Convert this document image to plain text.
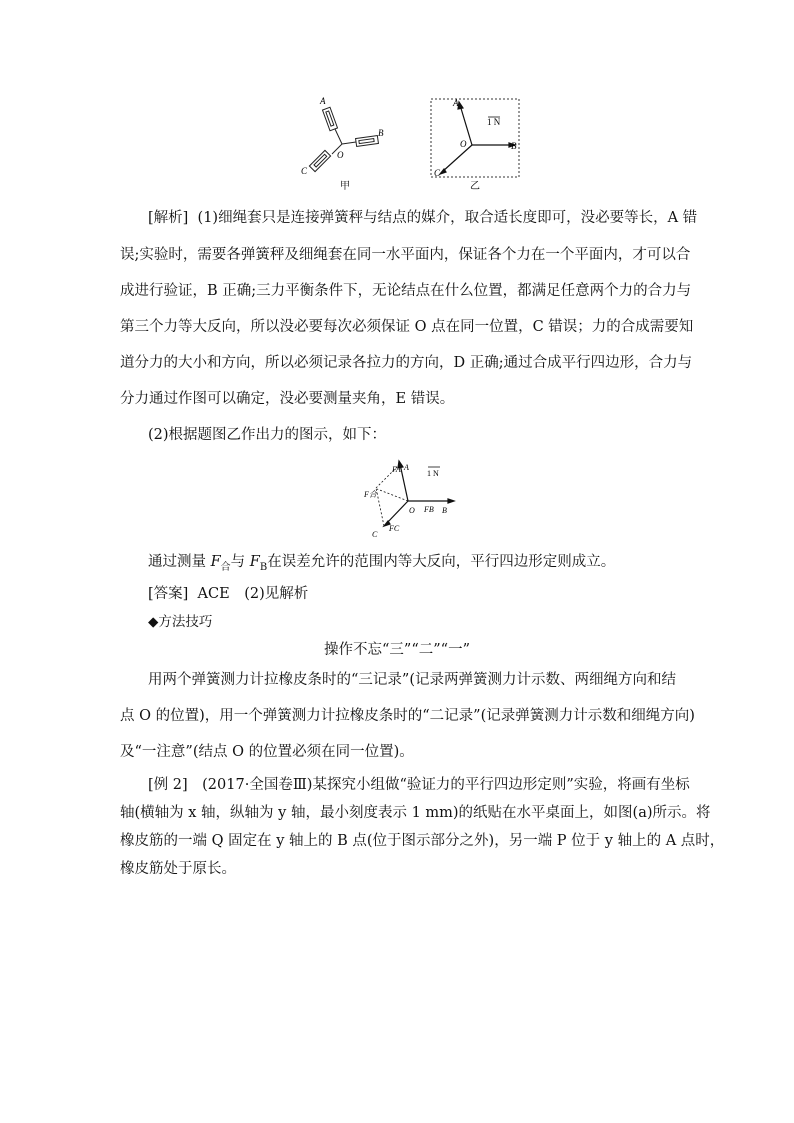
A
B
C
O
甲
A
B
C
O
1 N
乙
[解析] (1)细绳套只是连接弹簧秤与结点的媒介，取合适长度即可，没必要等长，A 错
误;实验时，需要各弹簧秤及细绳套在同一水平面内，保证各个力在一个平面内，才可以合
成进行验证，B 正确;三力平衡条件下，无论结点在什么位置，都满足任意两个力的合力与
第三个力等大反向，所以没必要每次必须保证 O 点在同一位置，C 错误；力的合成需要知
道分力的大小和方向，所以必须记录各拉力的方向，D 正确;通过合成平行四边形，合力与
分力通过作图可以确定，没必要测量夹角，E 错误。
(2)根据题图乙作出力的图示，如下：
FA A
1 N
F合
O FB B
C
FC
通过测量 $F_合$与 $F_B$在误差允许的范围内等大反向，平行四边形定则成立。
[答案] ACE　(2)见解析
◆方法技巧
操作不忘“三”“二”“一”
用两个弹簧测力计拉橡皮条时的“三记录”(记录两弹簧测力计示数、两细绳方向和结
点 O 的位置)，用一个弹簧测力计拉橡皮条时的“二记录”(记录弹簧测力计示数和细绳方向)
及“一注意”(结点 O 的位置必须在同一位置)。
[例 2]　(2017·全国卷Ⅲ)某探究小组做“验证力的平行四边形定则”实验，将画有坐标
轴(横轴为 x 轴，纵轴为 y 轴，最小刻度表示 1 mm)的纸贴在水平桌面上，如图(a)所示。将
橡皮筋的一端 Q 固定在 y 轴上的 B 点(位于图示部分之外)，另一端 P 位于 y 轴上的 A 点时，
橡皮筋处于原长。
